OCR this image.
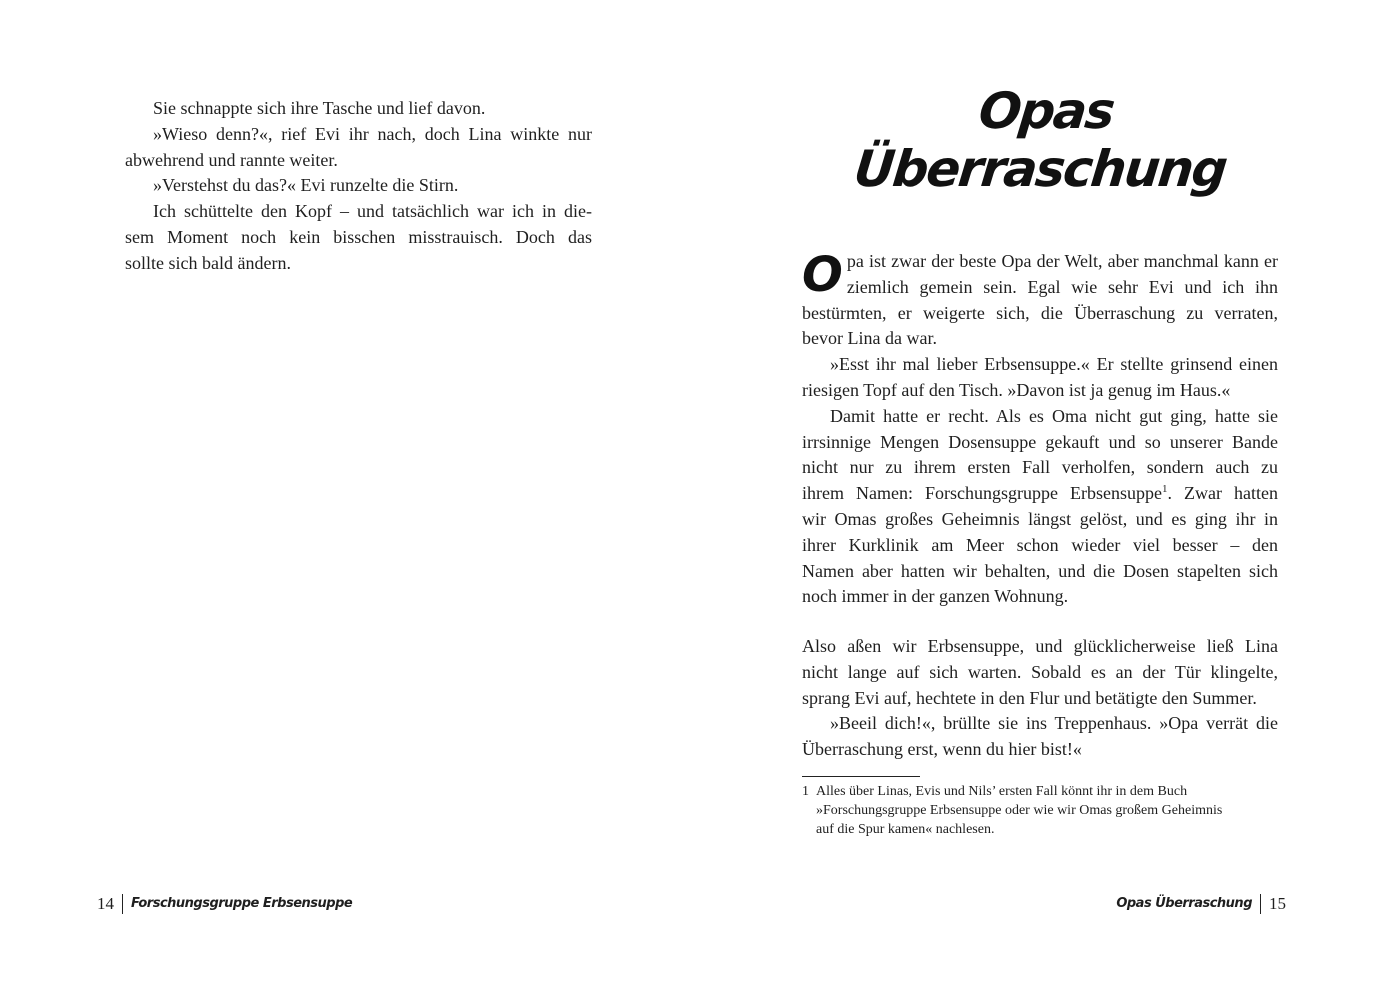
Sie schnappte sich ihre Tasche und lief davon.
»Wieso denn?«, rief Evi ihr nach, doch Lina winkte nur
abwehrend und rannte weiter.
»Verstehst du das?« Evi runzelte die Stirn.
Ich schüttelte den Kopf – und tatsächlich war ich in die-
sem Moment noch kein bisschen misstrauisch. Doch das
sollte sich bald ändern.
14 Forschungsgruppe Erbsensuppe
Opas Überraschung
O pa ist zwar der beste Opa der Welt, aber manchmal kann er
ziemlich gemein sein. Egal wie sehr Evi und ich ihn
bestürmten, er weigerte sich, die Überraschung zu verraten,
bevor Lina da war.
»Esst ihr mal lieber Erbsensuppe.« Er stellte grinsend einen
riesigen Topf auf den Tisch. »Davon ist ja genug im Haus.«
Damit hatte er recht. Als es Oma nicht gut ging, hatte sie
irrsinnige Mengen Dosensuppe gekauft und so unserer Bande
nicht nur zu ihrem ersten Fall verholfen, sondern auch zu
ihrem Namen: Forschungsgruppe Erbsensuppe$^1$. Zwar hatten
wir Omas großes Geheimnis längst gelöst, und es ging ihr in
ihrer Kurklinik am Meer schon wieder viel besser – den
Namen aber hatten wir behalten, und die Dosen stapelten sich
noch immer in der ganzen Wohnung.
Also aßen wir Erbsensuppe, und glücklicherweise ließ Lina
nicht lange auf sich warten. Sobald es an der Tür klingelte,
sprang Evi auf, hechtete in den Flur und betätigte den Summer.
»Beeil dich!«, brüllte sie ins Treppenhaus. »Opa verrät die
Überraschung erst, wenn du hier bist!«
1 Alles über Linas, Evis und Nils’ ersten Fall könnt ihr in dem Buch
»Forschungsgruppe Erbsensuppe oder wie wir Omas großem Geheimnis
auf die Spur kamen« nachlesen.
Opas Überraschung 15
